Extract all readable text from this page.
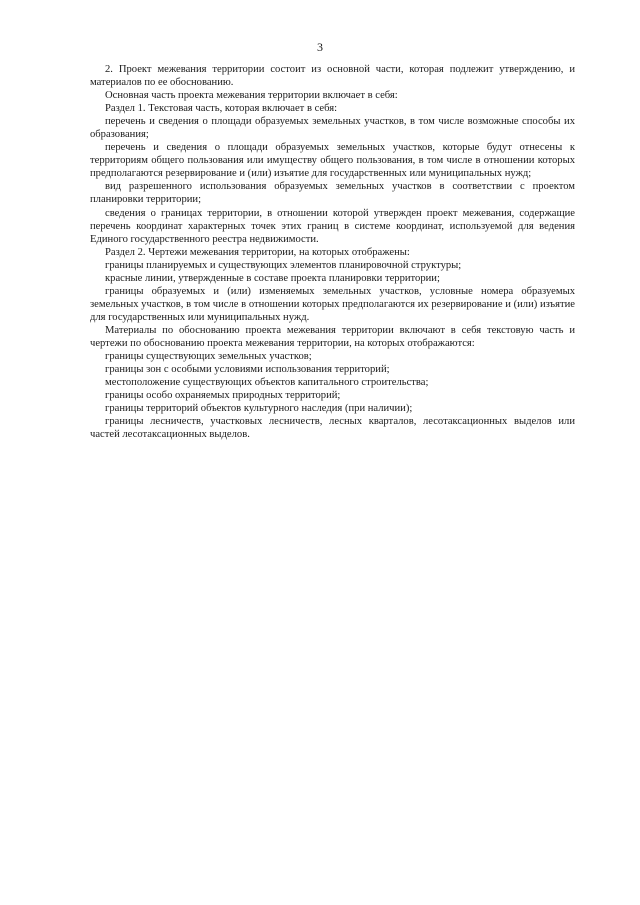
3

2. Проект межевания территории состоит из основной части, которая подлежит утверждению, и материалов по ее обоснованию.

Основная часть проекта межевания территории включает в себя:

Раздел 1. Текстовая часть, которая включает в себя:

перечень и сведения о площади образуемых земельных участков, в том числе возможные способы их образования;

перечень и сведения о площади образуемых земельных участков, которые будут отнесены к территориям общего пользования или имуществу общего пользования, в том числе в отношении которых предполагаются резервирование и (или) изъятие для государственных или муниципальных нужд;

вид разрешенного использования образуемых земельных участков в соответствии с проектом планировки территории;

сведения о границах территории, в отношении которой утвержден проект межевания, содержащие перечень координат характерных точек этих границ в системе координат, используемой для ведения Единого государственного реестра недвижимости.

Раздел 2. Чертежи межевания территории, на которых отображены:

границы планируемых и существующих элементов планировочной структуры;

красные линии, утвержденные в составе проекта планировки территории;

границы образуемых и (или) изменяемых земельных участков, условные номера образуемых земельных участков, в том числе в отношении которых предполагаются их резервирование и (или) изъятие для государственных или муниципальных нужд.

Материалы по обоснованию проекта межевания территории включают в себя текстовую часть и чертежи по обоснованию проекта межевания территории, на которых отображаются:

границы существующих земельных участков;

границы зон с особыми условиями использования территорий;

местоположение существующих объектов капитального строительства;

границы особо охраняемых природных территорий;

границы территорий объектов культурного наследия (при наличии);

границы лесничеств, участковых лесничеств, лесных кварталов, лесотаксационных выделов или частей лесотаксационных выделов.
